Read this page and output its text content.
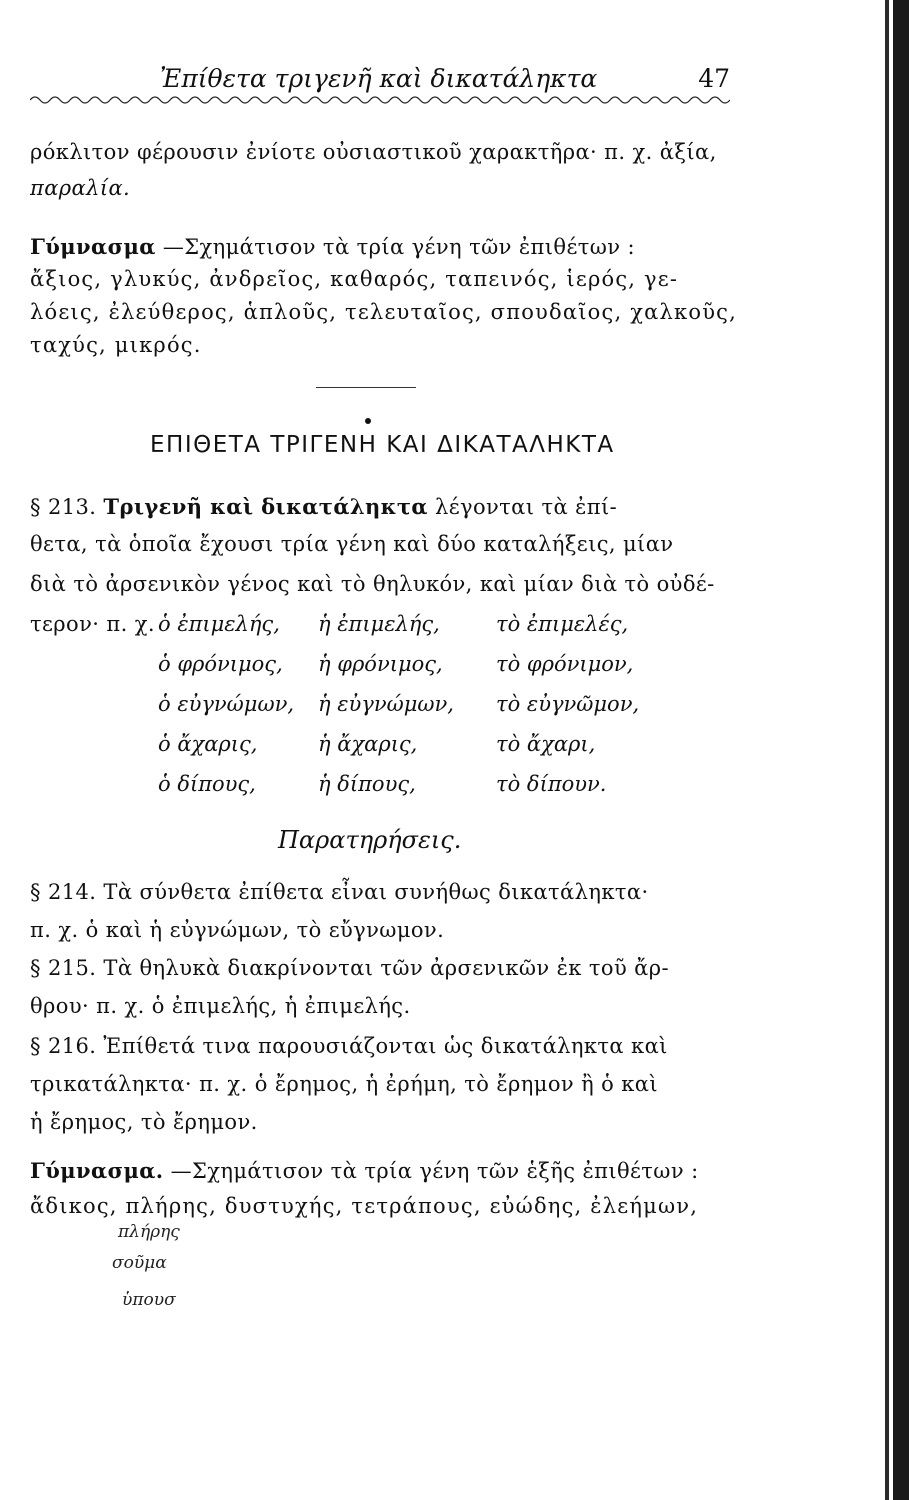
Ἐπίθετα τριγενῆ καὶ δικατάληκτα	47
ρόκλιτον φέρουσιν ἐνίοτε οὐσιαστικοῦ χαρακτῆρα· π. χ. ἀξία,
παραλία.
Γύμνασμα —Σχημάτισον τὰ τρία γένη τῶν ἐπιθέτων :
ἄξιος, γλυκύς, ἀνδρεῖος, καθαρός, ταπεινός, ἱερός, γε-
λόεις, ἐλεύθερος, ἁπλοῦς, τελευταῖος, σπουδαῖος, χαλκοῦς,
ταχύς, μικρός.
ΕΠΙΘΕΤΑ ΤΡΙΓΕΝΗ ΚΑΙ ΔΙΚΑΤΑΛΗΚΤΑ
§ 213. Τριγενῆ καὶ δικατάληκτα λέγονται τὰ ἐπί-
θετα, τὰ ὁποῖα ἔχουσι τρία γένη καὶ δύο καταλήξεις, μίαν
διὰ τὸ ἀρσενικὸν γένος καὶ τὸ θηλυκόν, καὶ μίαν διὰ τὸ οὐδέ-
τερον· π. χ. ὁ ἐπιμελής, ἡ ἐπιμελής,	τὸ ἐπιμελές,
ὁ φρόνιμος, ἡ φρόνιμος,	τὸ φρόνιμον,
ὁ εὐγνώμων, ἡ εὐγνώμων, τὸ εὐγνῶμον,
ὁ ἄχαρις,	ἡ ἄχαρις,	τὸ ἄχαρι,
ὁ δίπους,	ἡ δίπους,	τὸ δίπουν.
Παρατηρήσεις.
§ 214. Τὰ σύνθετα ἐπίθετα εἶναι συνήθως δικατάληκτα·
π. χ. ὁ καὶ ἡ εὐγνώμων, τὸ εὔγνωμον.
§ 215. Τὰ θηλυκὰ διακρίνονται τῶν ἀρσενικῶν ἐκ τοῦ ἄρ-
θρου· π. χ. ὁ ἐπιμελής, ἡ ἐπιμελής.
§ 216. Ἐπίθετά τινα παρουσιάζονται ὡς δικατάληκτα καὶ
τρικατάληκτα· π. χ. ὁ ἔρημος, ἡ ἐρήμη, τὸ ἔρημον ἢ ὁ καὶ
ἡ ἔρημος, τὸ ἔρημον.
Γύμνασμα. —Σχημάτισον τὰ τρία γένη τῶν ἑξῆς ἐπιθέτων :
ἄδικος, πλήρης, δυστυχής, τετράπους, εὐώδης, ἐλεήμων,
πλήρης
σοῦμα
ὑπουσ
